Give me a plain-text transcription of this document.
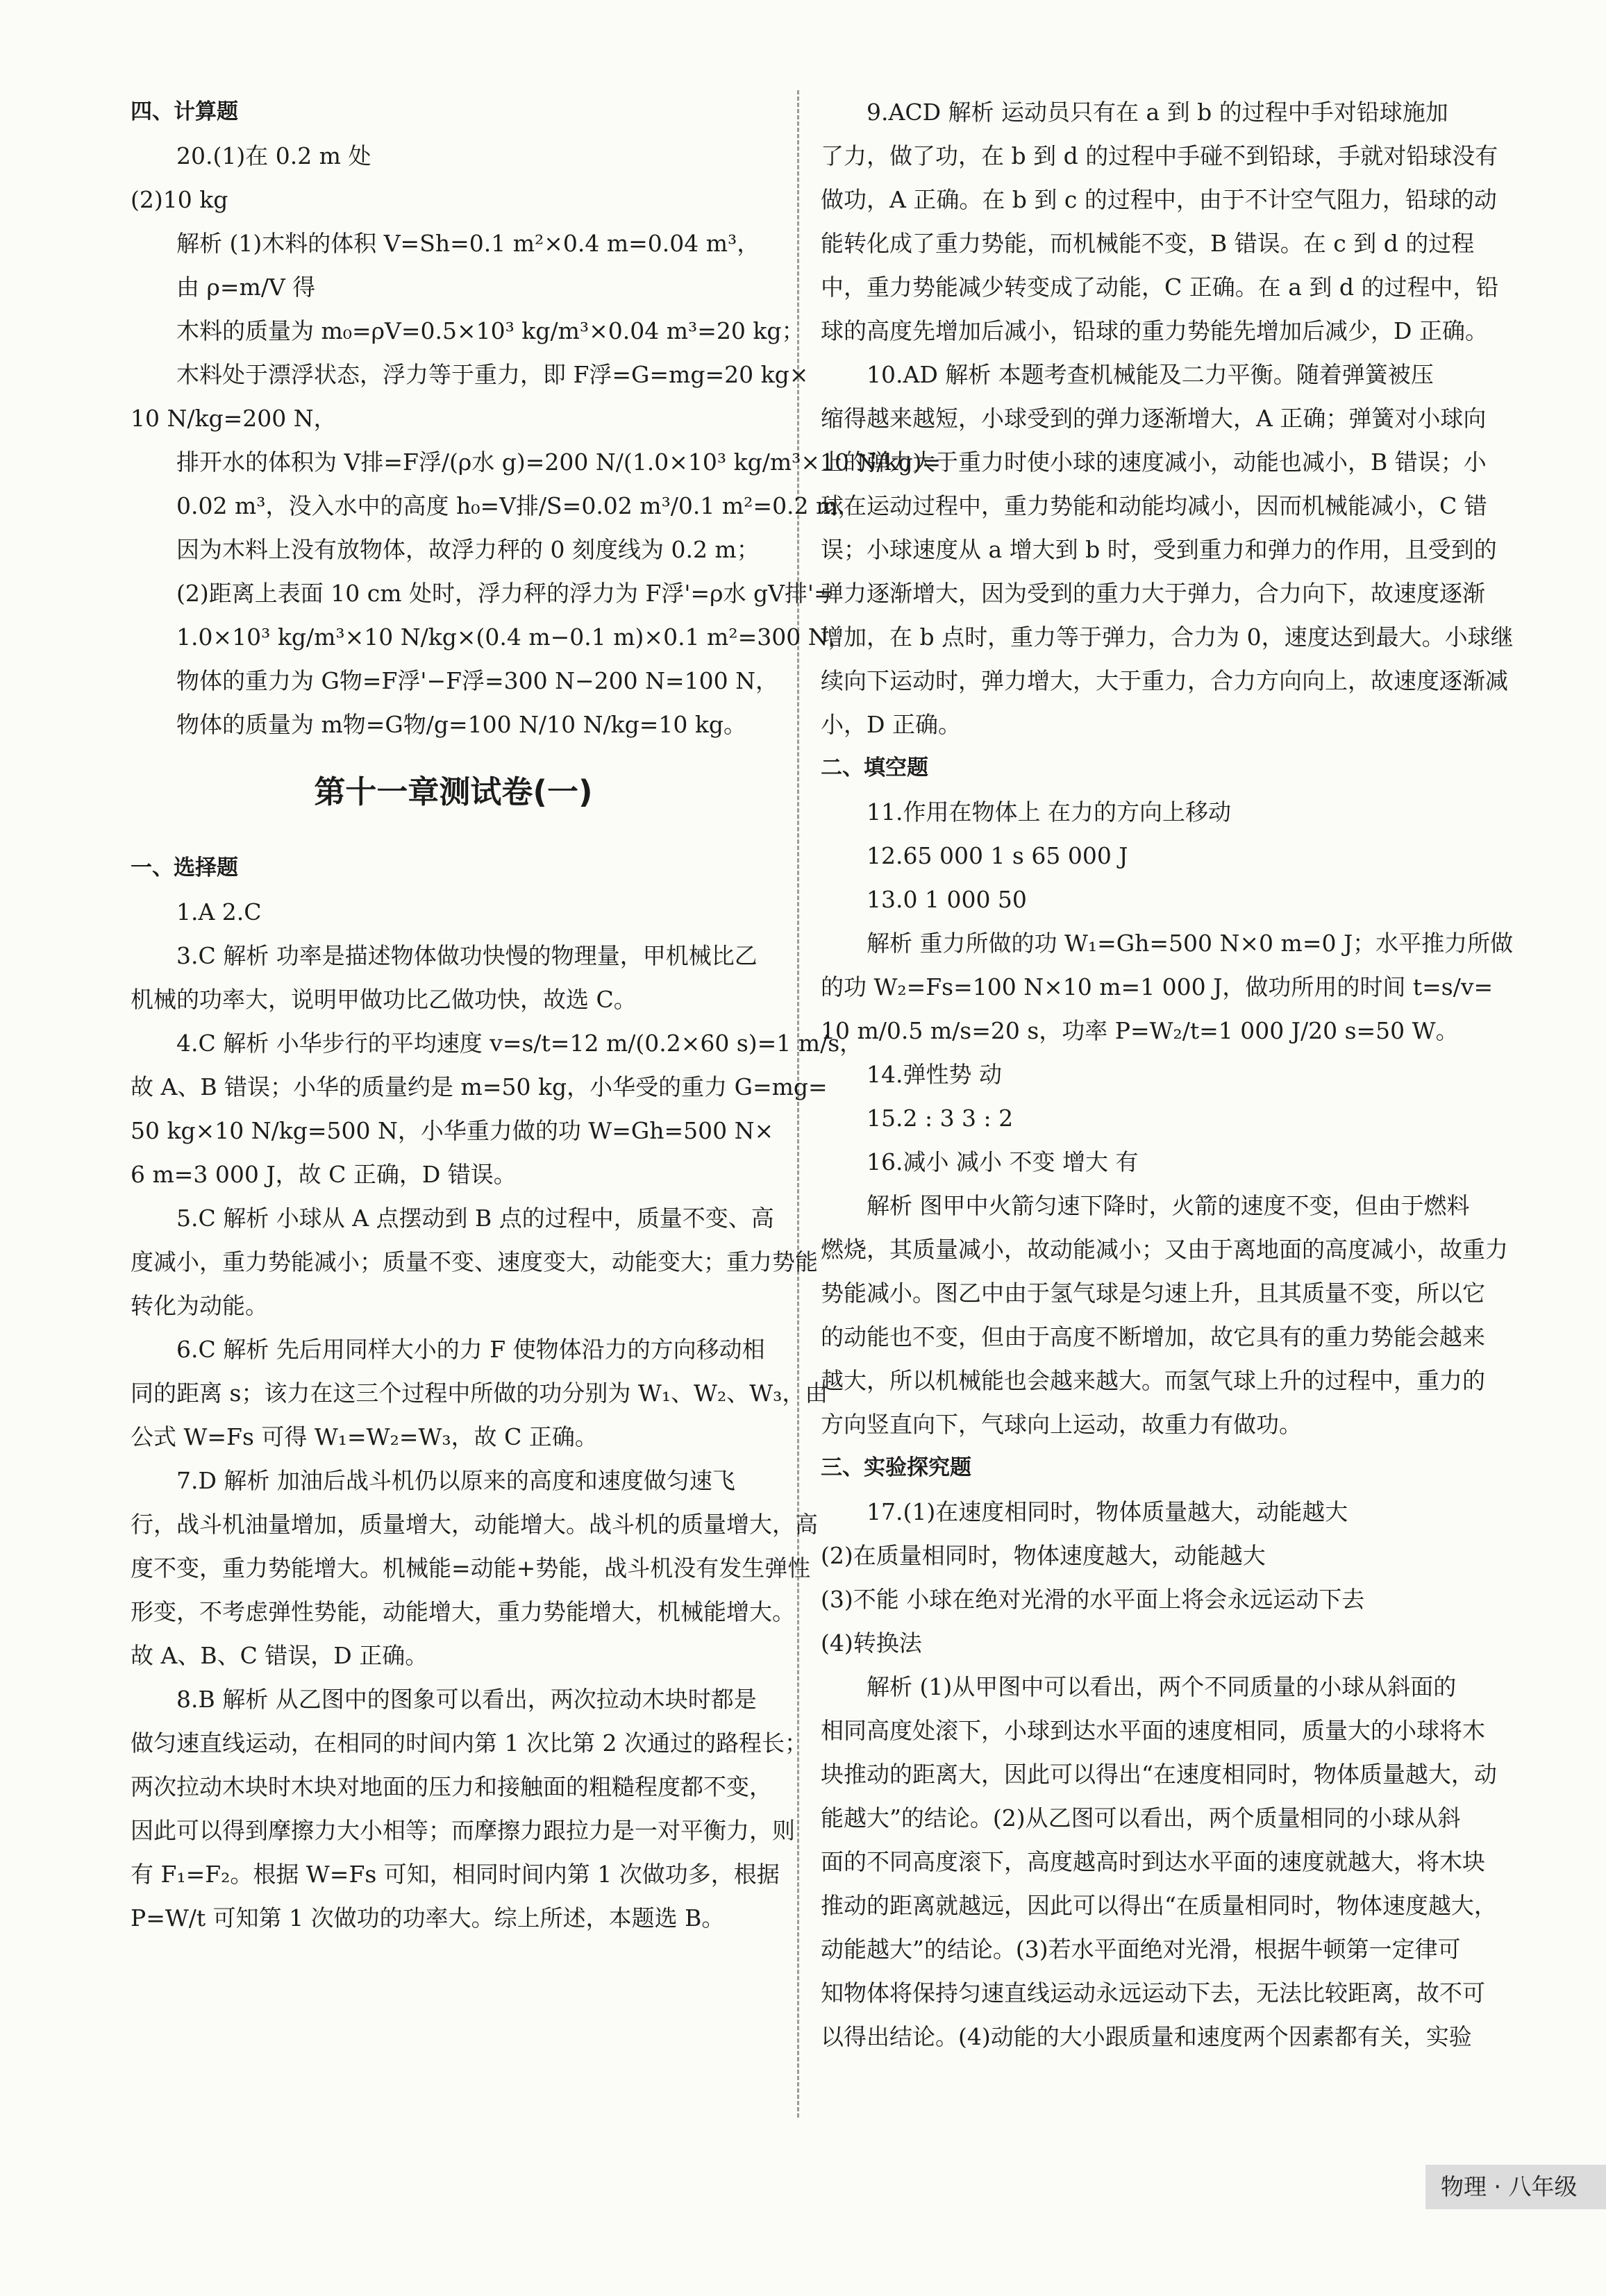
四、计算题
20.(1)在 0.2 m 处
(2)10 kg
解析 (1)木料的体积 V=Sh=0.1 m²×0.4 m=0.04 m³，
由 ρ=m/V 得
木料的质量为 m₀=ρV=0.5×10³ kg/m³×0.04 m³=20 kg；
木料处于漂浮状态，浮力等于重力，即 F浮=G=mg=20 kg×
10 N/kg=200 N，
排开水的体积为 V排=F浮/(ρ水 g)=200 N/(1.0×10³ kg/m³×10 N/kg)=
0.02 m³，没入水中的高度 h₀=V排/S=0.02 m³/0.1 m²=0.2 m，
因为木料上没有放物体，故浮力秤的 0 刻度线为 0.2 m；
(2)距离上表面 10 cm 处时，浮力秤的浮力为 F浮'=ρ水 gV排'=
1.0×10³ kg/m³×10 N/kg×(0.4 m−0.1 m)×0.1 m²=300 N，
物体的重力为 G物=F浮'−F浮=300 N−200 N=100 N，
物体的质量为 m物=G物/g=100 N/10 N/kg=10 kg。
第十一章测试卷(一)
一、选择题
1.A 2.C
3.C 解析 功率是描述物体做功快慢的物理量，甲机械比乙
机械的功率大，说明甲做功比乙做功快，故选 C。
4.C 解析 小华步行的平均速度 v=s/t=12 m/(0.2×60 s)=1 m/s，
故 A、B 错误；小华的质量约是 m=50 kg，小华受的重力 G=mg=
50 kg×10 N/kg=500 N，小华重力做的功 W=Gh=500 N×
6 m=3 000 J，故 C 正确，D 错误。
5.C 解析 小球从 A 点摆动到 B 点的过程中，质量不变、高
度减小，重力势能减小；质量不变、速度变大，动能变大；重力势能
转化为动能。
6.C 解析 先后用同样大小的力 F 使物体沿力的方向移动相
同的距离 s；该力在这三个过程中所做的功分别为 W₁、W₂、W₃，由
公式 W=Fs 可得 W₁=W₂=W₃，故 C 正确。
7.D 解析 加油后战斗机仍以原来的高度和速度做匀速飞
行，战斗机油量增加，质量增大，动能增大。战斗机的质量增大，高
度不变，重力势能增大。机械能=动能+势能，战斗机没有发生弹性
形变，不考虑弹性势能，动能增大，重力势能增大，机械能增大。
故 A、B、C 错误，D 正确。
8.B 解析 从乙图中的图象可以看出，两次拉动木块时都是
做匀速直线运动，在相同的时间内第 1 次比第 2 次通过的路程长；
两次拉动木块时木块对地面的压力和接触面的粗糙程度都不变，
因此可以得到摩擦力大小相等；而摩擦力跟拉力是一对平衡力，则
有 F₁=F₂。根据 W=Fs 可知，相同时间内第 1 次做功多，根据
P=W/t 可知第 1 次做功的功率大。综上所述，本题选 B。
9.ACD 解析 运动员只有在 a 到 b 的过程中手对铅球施加
了力，做了功，在 b 到 d 的过程中手碰不到铅球，手就对铅球没有
做功，A 正确。在 b 到 c 的过程中，由于不计空气阻力，铅球的动
能转化成了重力势能，而机械能不变，B 错误。在 c 到 d 的过程
中，重力势能减少转变成了动能，C 正确。在 a 到 d 的过程中，铅
球的高度先增加后减小，铅球的重力势能先增加后减少，D 正确。
10.AD 解析 本题考查机械能及二力平衡。随着弹簧被压
缩得越来越短，小球受到的弹力逐渐增大，A 正确；弹簧对小球向
上的弹力大于重力时使小球的速度减小，动能也减小，B 错误；小
球在运动过程中，重力势能和动能均减小，因而机械能减小，C 错
误；小球速度从 a 增大到 b 时，受到重力和弹力的作用，且受到的
弹力逐渐增大，因为受到的重力大于弹力，合力向下，故速度逐渐
增加，在 b 点时，重力等于弹力，合力为 0，速度达到最大。小球继
续向下运动时，弹力增大，大于重力，合力方向向上，故速度逐渐减
小，D 正确。
二、填空题
11.作用在物体上 在力的方向上移动
12.65 000 1 s 65 000 J
13.0 1 000 50
解析 重力所做的功 W₁=Gh=500 N×0 m=0 J；水平推力所做
的功 W₂=Fs=100 N×10 m=1 000 J，做功所用的时间 t=s/v=
10 m/0.5 m/s=20 s，功率 P=W₂/t=1 000 J/20 s=50 W。
14.弹性势 动
15.2 : 3 3 : 2
16.减小 减小 不变 增大 有
解析 图甲中火箭匀速下降时，火箭的速度不变，但由于燃料
燃烧，其质量减小，故动能减小；又由于离地面的高度减小，故重力
势能减小。图乙中由于氢气球是匀速上升，且其质量不变，所以它
的动能也不变，但由于高度不断增加，故它具有的重力势能会越来
越大，所以机械能也会越来越大。而氢气球上升的过程中，重力的
方向竖直向下，气球向上运动，故重力有做功。
三、实验探究题
17.(1)在速度相同时，物体质量越大，动能越大
(2)在质量相同时，物体速度越大，动能越大
(3)不能 小球在绝对光滑的水平面上将会永远运动下去
(4)转换法
解析 (1)从甲图中可以看出，两个不同质量的小球从斜面的
相同高度处滚下，小球到达水平面的速度相同，质量大的小球将木
块推动的距离大，因此可以得出“在速度相同时，物体质量越大，动
能越大”的结论。(2)从乙图可以看出，两个质量相同的小球从斜
面的不同高度滚下，高度越高时到达水平面的速度就越大，将木块
推动的距离就越远，因此可以得出“在质量相同时，物体速度越大，
动能越大”的结论。(3)若水平面绝对光滑，根据牛顿第一定律可
知物体将保持匀速直线运动永远运动下去，无法比较距离，故不可
以得出结论。(4)动能的大小跟质量和速度两个因素都有关，实验
物理 · 八年级
